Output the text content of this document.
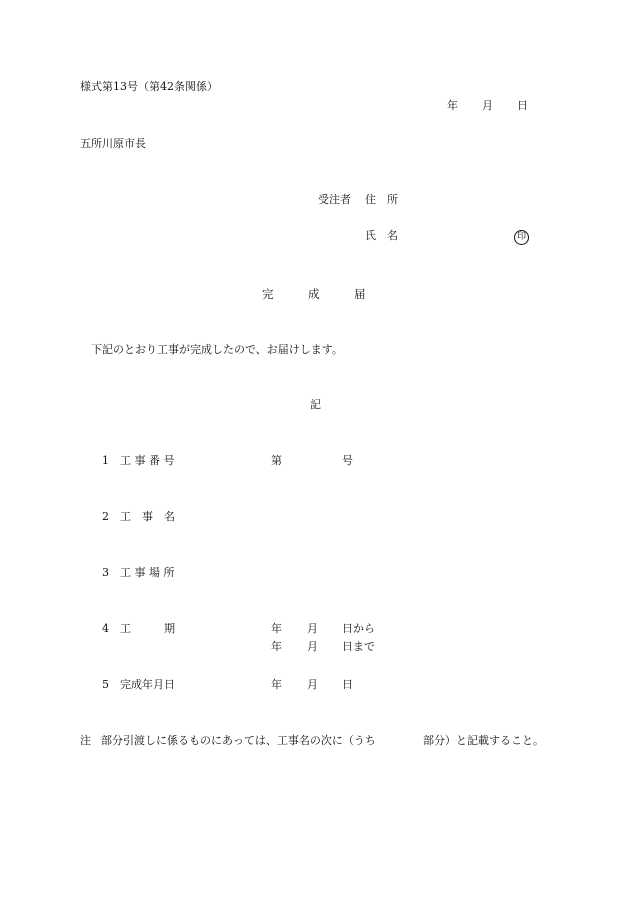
様式第13号（第42条関係）
年 月 日
五所川原市長
受注者 住　所
氏　名	印
完　　　成　　　届
下記のとおり工事が完成したので、お届けします。
記
1 工 事 番 号	第	号
2 工　事　名
3 工 事 場 所
4 工　　　期	年 月 日から
年 月 日まで
5 完成年月日	年 月 日
注 部分引渡しに係るものにあっては、工事名の次に（うち	部分）と記載すること。
